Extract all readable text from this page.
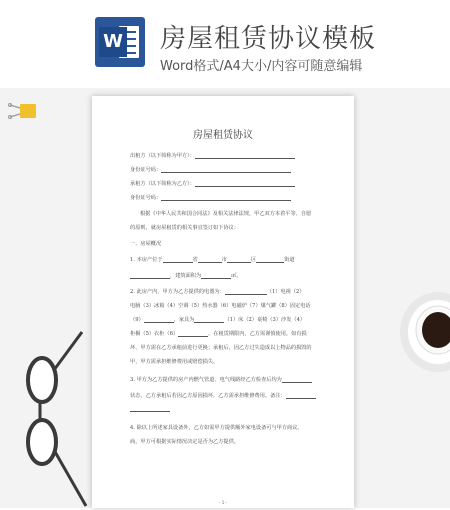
W 房屋租赁协议模板
Word格式/A4大小/内容可随意编辑
房屋租赁协议
出租方（以下简称为甲方）：
身份证号码：
承租方（以下简称为乙方）：
身份证号码：
根据《中华人民共和国合同法》及相关法律法规，甲乙双方本着平等、自愿
的原则，就房屋租赁的相关事宜签订如下协议：
一、房屋概况
1. 本房产位于	省	市	区	街道
，建筑面积为	㎡。
2. 此房产内，甲方为乙方提供的电器为：	（1）电视（2）
电脑（3）冰箱（4）空调（5）热水器（6）电磁炉（7）煤气罐（8）固定电话
（9）	，家具为	（1）床（2）桌椅（3）沙发（4）
柜橱（5）衣柜（6）	，在租赁期限内，乙方需谨慎使用。如有损
坏，甲方需在乙方承租前进行更换；承租后，因乙方过失造成以上物品的损毁的
甲，甲方需承担维修费用或赔偿损失。
3. 甲方为乙方提供的房产内燃气管道、电气线路经乙方检查后均为
状态，乙方承租后若因乙方原因损坏，乙方需承担维修费用。备注：
4. 除以上所述家具设备外，乙方如需甲方提供额外家电设备可与甲方商议。
商，甲方可根据实际情况决定是否为乙方提供。
- 1 -
